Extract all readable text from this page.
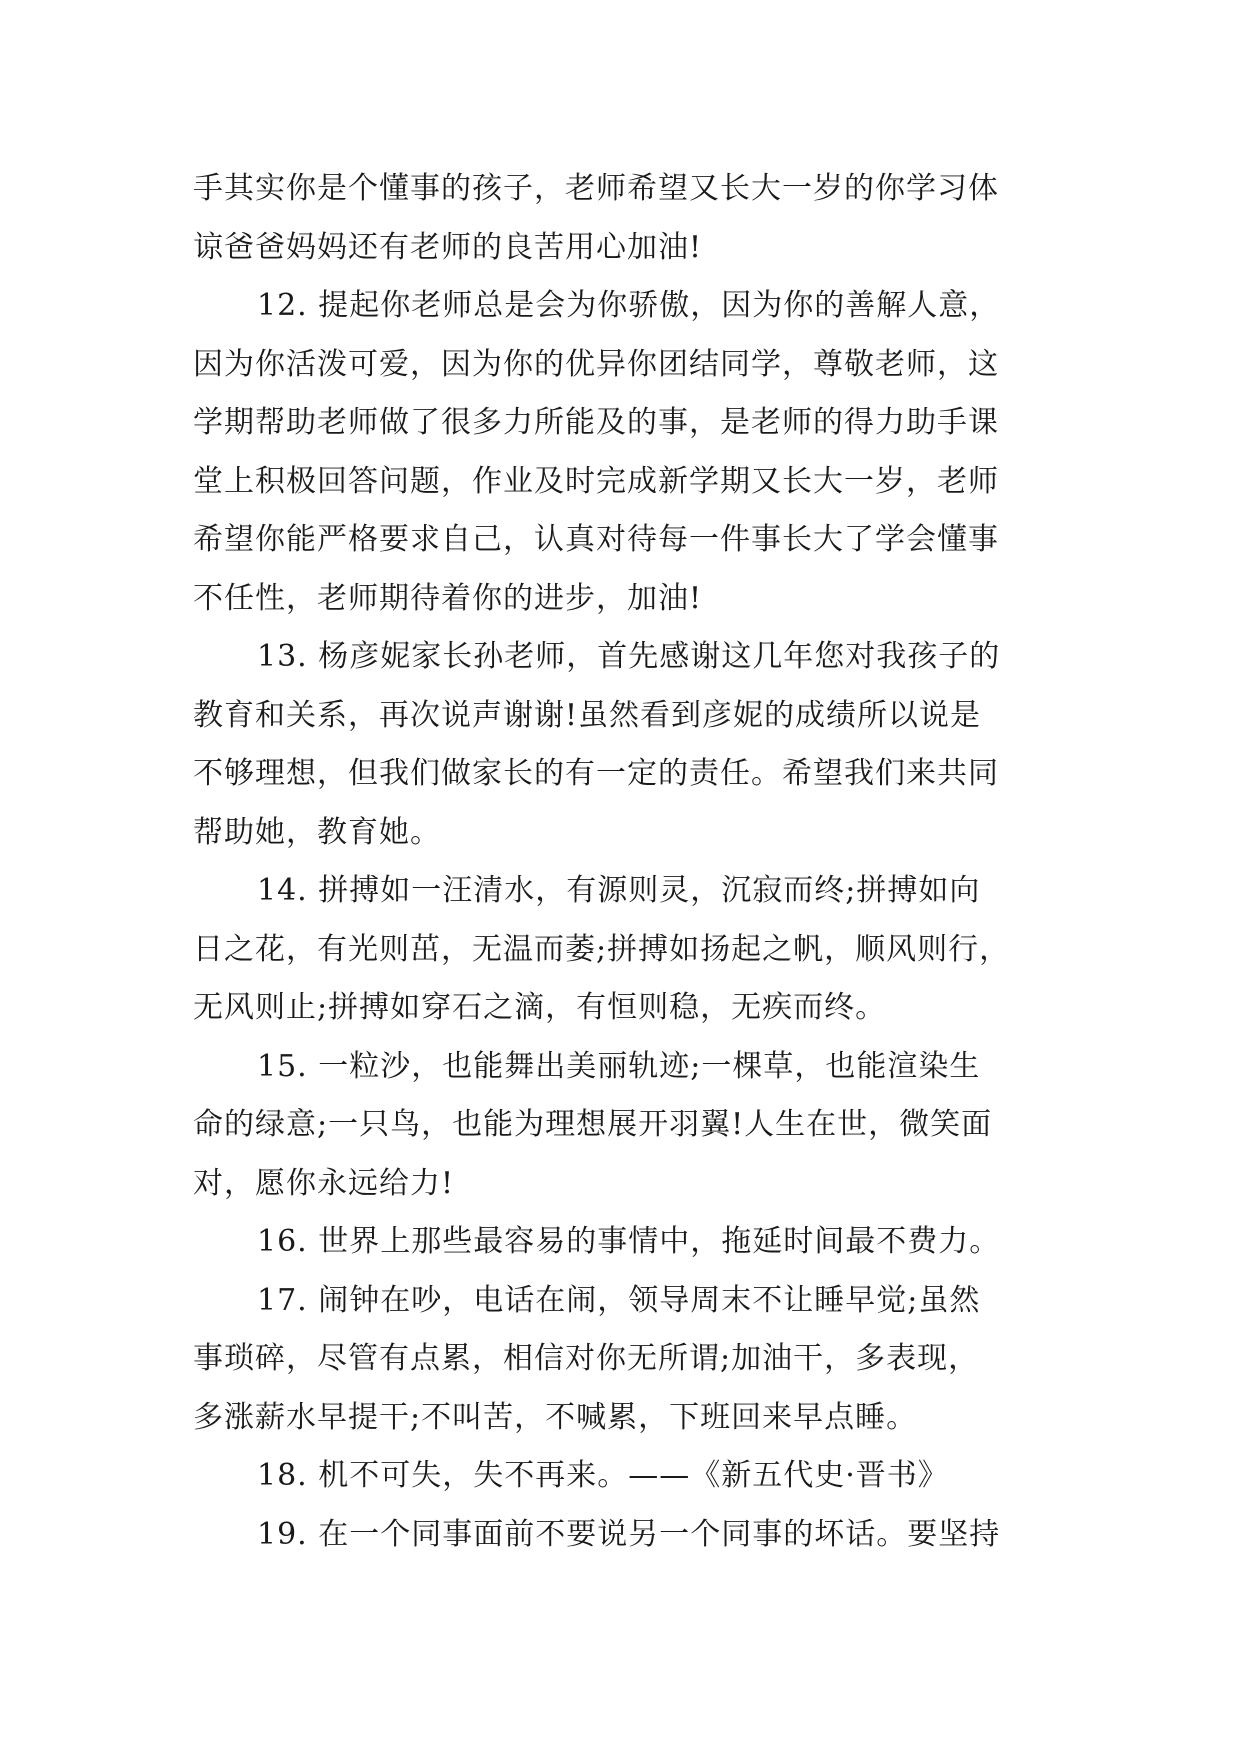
手其实你是个懂事的孩子，老师希望又长大一岁的你学习体
谅爸爸妈妈还有老师的良苦用心加油!
12. 提起你老师总是会为你骄傲，因为你的善解人意，
因为你活泼可爱，因为你的优异你团结同学，尊敬老师，这
学期帮助老师做了很多力所能及的事，是老师的得力助手课
堂上积极回答问题，作业及时完成新学期又长大一岁，老师
希望你能严格要求自己，认真对待每一件事长大了学会懂事
不任性，老师期待着你的进步，加油!
13. 杨彦妮家长孙老师，首先感谢这几年您对我孩子的
教育和关系，再次说声谢谢!虽然看到彦妮的成绩所以说是
不够理想，但我们做家长的有一定的责任。希望我们来共同
帮助她，教育她。
14. 拼搏如一汪清水，有源则灵，沉寂而终;拼搏如向
日之花，有光则茁，无温而萎;拼搏如扬起之帆，顺风则行，
无风则止;拼搏如穿石之滴，有恒则稳，无疾而终。
15. 一粒沙，也能舞出美丽轨迹;一棵草，也能渲染生
命的绿意;一只鸟，也能为理想展开羽翼!人生在世，微笑面
对，愿你永远给力!
16. 世界上那些最容易的事情中，拖延时间最不费力。
17. 闹钟在吵，电话在闹，领导周末不让睡早觉;虽然
事琐碎，尽管有点累，相信对你无所谓;加油干，多表现，
多涨薪水早提干;不叫苦，不喊累，下班回来早点睡。
18. 机不可失，失不再来。——《新五代史·晋书》
19. 在一个同事面前不要说另一个同事的坏话。要坚持
